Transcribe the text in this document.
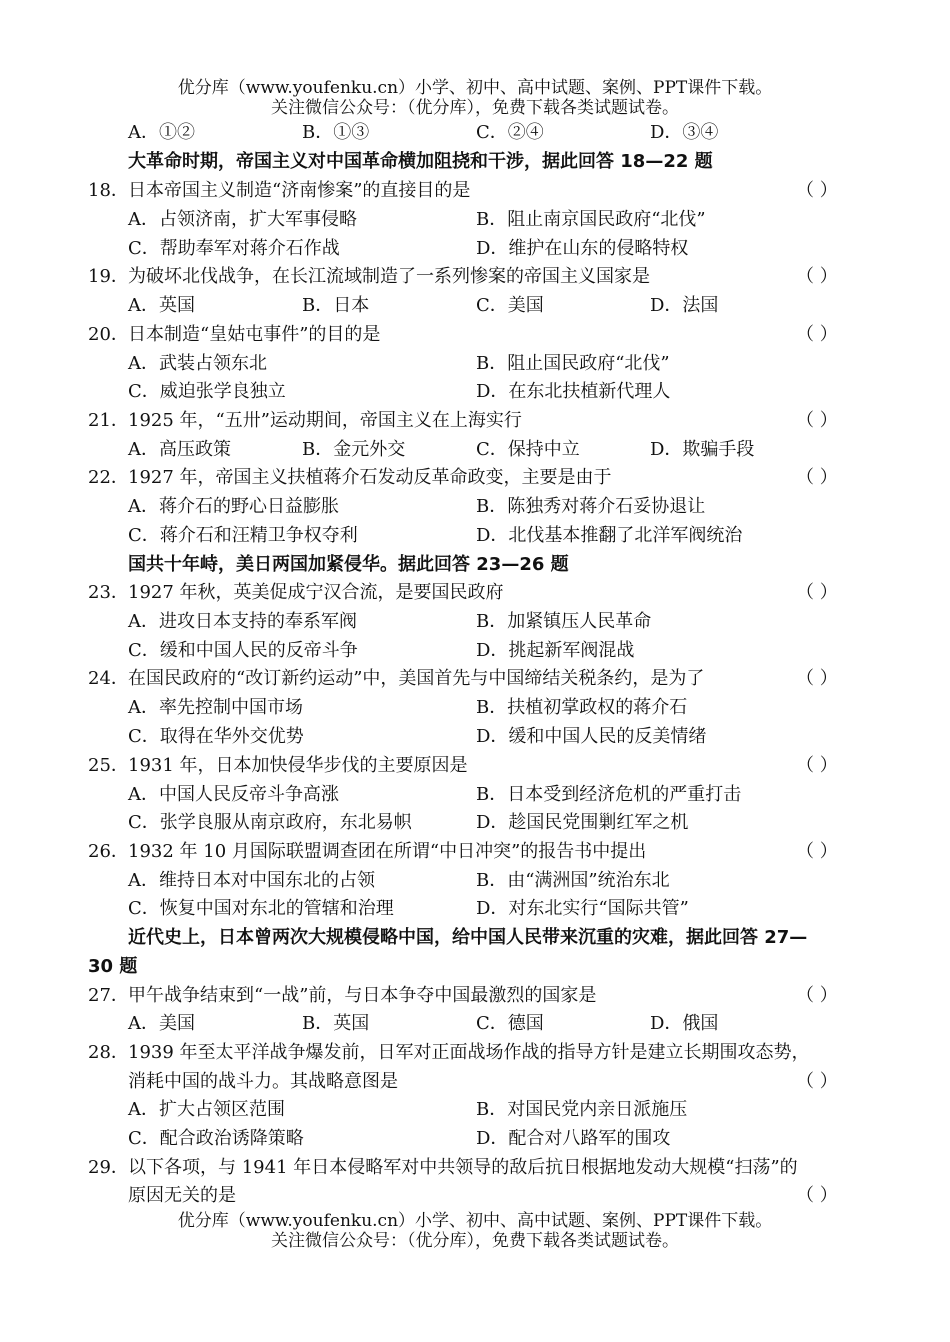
优分库（www.youfenku.cn）小学、初中、高中试题、案例、PPT课件下载。
关注微信公众号：（优分库），免费下载各类试题试卷。
A．①②	B．①③	C．②④	D．③④
大革命时期，帝国主义对中国革命横加阻挠和干涉，据此回答 18—22 题
18． 日本帝国主义制造“济南惨案”的直接目的是	（ ）
A．占领济南，扩大军事侵略	B．阻止南京国民政府“北伐”
C．帮助奉军对蒋介石作战	D．维护在山东的侵略特权
19． 为破坏北伐战争，在长江流域制造了一系列惨案的帝国主义国家是	（ ）
A．英国	B．日本	C．美国	D．法国
20． 日本制造“皇姑屯事件”的目的是	（ ）
A．武装占领东北	B．阻止国民政府“北伐”
C．威迫张学良独立	D．在东北扶植新代理人
21． 1925 年，“五卅”运动期间，帝国主义在上海实行	（ ）
A．高压政策	B．金元外交	C．保持中立	D．欺骗手段
22． 1927 年，帝国主义扶植蒋介石发动反革命政变，主要是由于	（ ）
A．蒋介石的野心日益膨胀	B．陈独秀对蒋介石妥协退让
C．蒋介石和汪精卫争权夺利	D．北伐基本推翻了北洋军阀统治
国共十年峙，美日两国加紧侵华。据此回答 23—26 题
23． 1927 年秋，英美促成宁汉合流，是要国民政府	（ ）
A．进攻日本支持的奉系军阀	B．加紧镇压人民革命
C．缓和中国人民的反帝斗争	D．挑起新军阀混战
24． 在国民政府的“改订新约运动”中，美国首先与中国缔结关税条约，是为了	（ ）
A．率先控制中国市场	B．扶植初掌政权的蒋介石
C．取得在华外交优势	D．缓和中国人民的反美情绪
25． 1931 年，日本加快侵华步伐的主要原因是	（ ）
A．中国人民反帝斗争高涨	B．日本受到经济危机的严重打击
C．张学良服从南京政府，东北易帜	D．趁国民党围剿红军之机
26． 1932 年 10 月国际联盟调查团在所谓“中日冲突”的报告书中提出	（ ）
A．维持日本对中国东北的占领	B．由“满洲国”统治东北
C．恢复中国对东北的管辖和治理	D．对东北实行“国际共管”
近代史上，日本曾两次大规模侵略中国，给中国人民带来沉重的灾难，据此回答 27—
30 题
27． 甲午战争结束到“一战”前，与日本争夺中国最激烈的国家是	（ ）
A．美国	B．英国	C．德国	D．俄国
28． 1939 年至太平洋战争爆发前，日军对正面战场作战的指导方针是建立长期围攻态势，
消耗中国的战斗力。其战略意图是	（ ）
A．扩大占领区范围	B．对国民党内亲日派施压
C．配合政治诱降策略	D．配合对八路军的围攻
29． 以下各项，与 1941 年日本侵略军对中共领导的敌后抗日根据地发动大规模“扫荡”的
原因无关的是	（ ）
优分库（www.youfenku.cn）小学、初中、高中试题、案例、PPT课件下载。
关注微信公众号：（优分库），免费下载各类试题试卷。
